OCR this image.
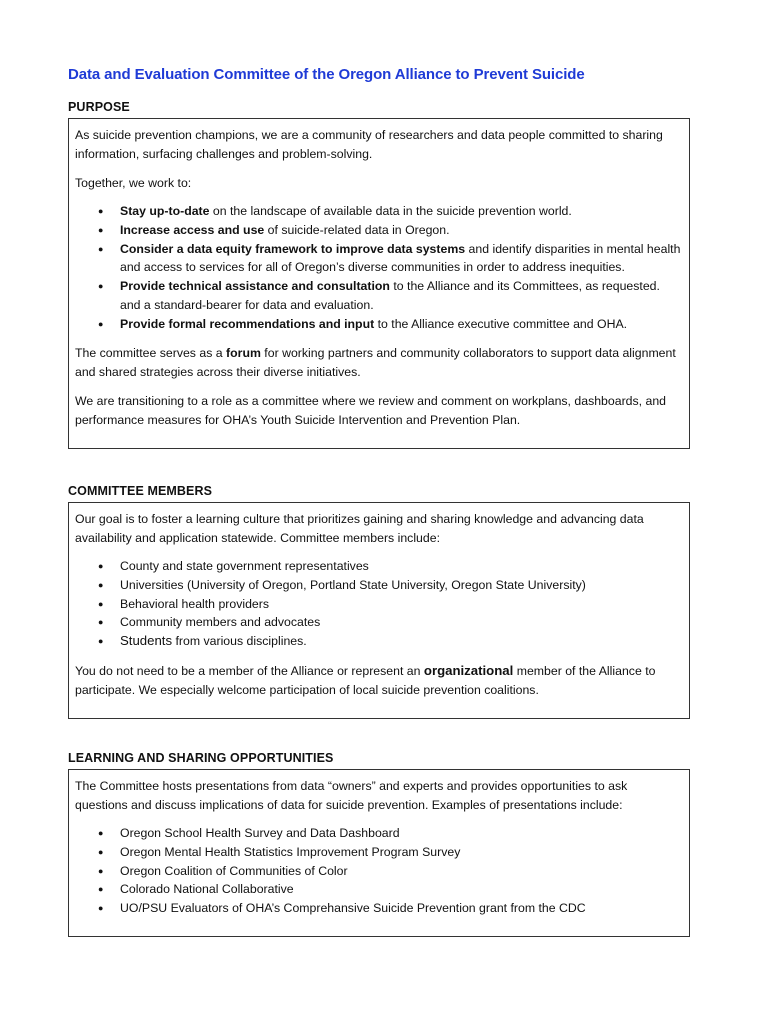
Data and Evaluation Committee of the Oregon Alliance to Prevent Suicide
PURPOSE

As suicide prevention champions, we are a community of researchers and data people committed to sharing information, surfacing challenges and problem-solving.

Together, we work to:

● Stay up-to-date on the landscape of available data in the suicide prevention world.
● Increase access and use of suicide-related data in Oregon.
● Consider a data equity framework to improve data systems and identify disparities in mental health and access to services for all of Oregon’s diverse communities in order to address inequities.
● Provide technical assistance and consultation to the Alliance and its Committees, as requested. and a standard-bearer for data and evaluation.
● Provide formal recommendations and input to the Alliance executive committee and OHA.

The committee serves as a forum for working partners and community collaborators to support data alignment and shared strategies across their diverse initiatives.

We are transitioning to a role as a committee where we review and comment on workplans, dashboards, and performance measures for OHA’s Youth Suicide Intervention and Prevention Plan.

COMMITTEE MEMBERS

Our goal is to foster a learning culture that prioritizes gaining and sharing knowledge and advancing data availability and application statewide. Committee members include:

● County and state government representatives
● Universities (University of Oregon, Portland State University, Oregon State University)
● Behavioral health providers
● Community members and advocates
● Students from various disciplines.

You do not need to be a member of the Alliance or represent an organizational member of the Alliance to participate. We especially welcome participation of local suicide prevention coalitions.

LEARNING AND SHARING OPPORTUNITIES

The Committee hosts presentations from data “owners” and experts and provides opportunities to ask questions and discuss implications of data for suicide prevention. Examples of presentations include:

● Oregon School Health Survey and Data Dashboard
● Oregon Mental Health Statistics Improvement Program Survey
● Oregon Coalition of Communities of Color
● Colorado National Collaborative
● UO/PSU Evaluators of OHA’s Comprehansive Suicide Prevention grant from the CDC
